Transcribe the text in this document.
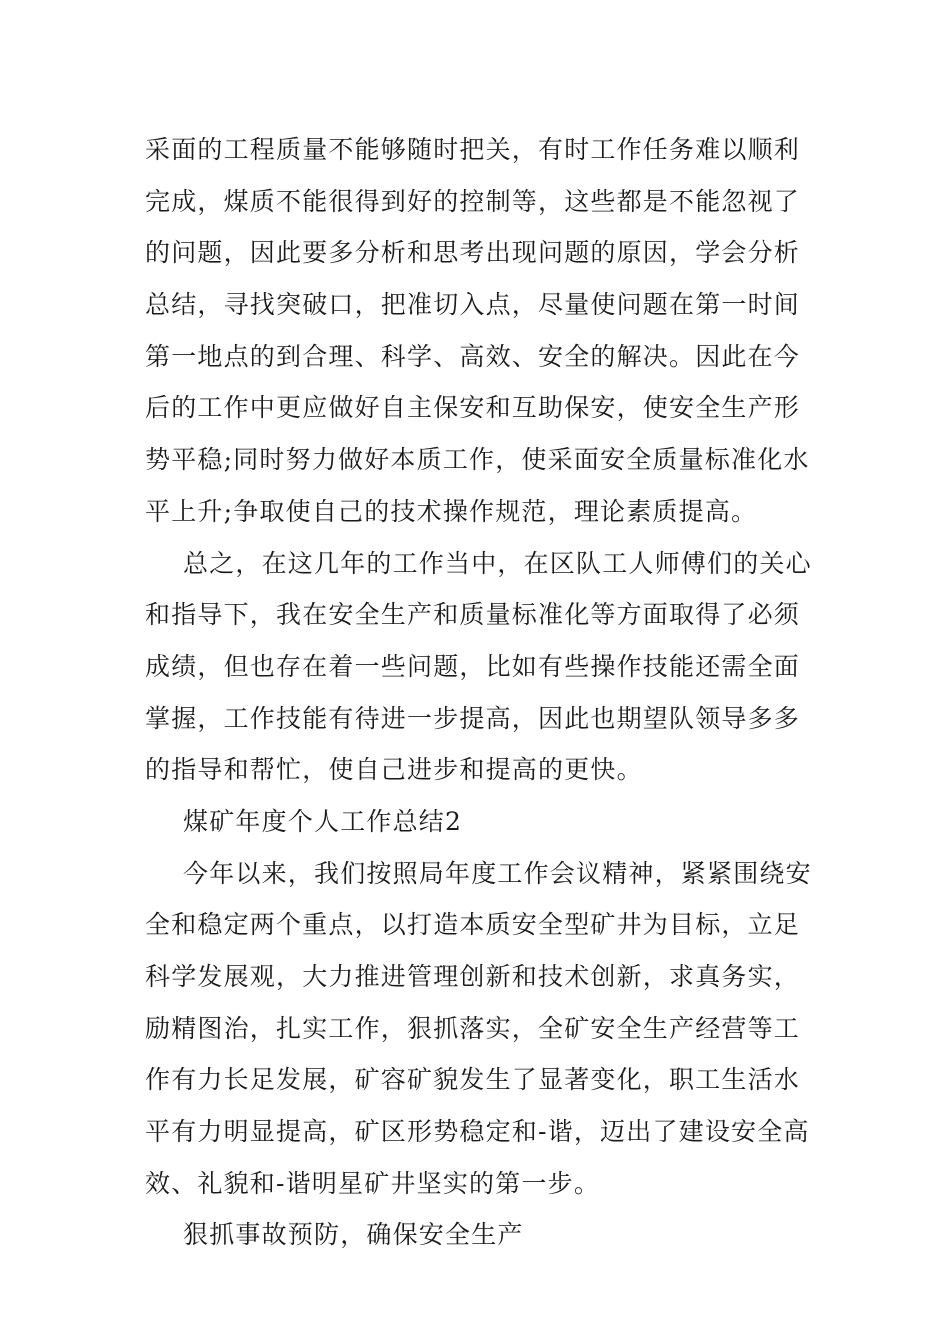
采面的工程质量不能够随时把关，有时工作任务难以顺利
完成，煤质不能很得到好的控制等，这些都是不能忽视了
的问题，因此要多分析和思考出现问题的原因，学会分析
总结，寻找突破口，把准切入点，尽量使问题在第一时间
第一地点的到合理、科学、高效、安全的解决。因此在今
后的工作中更应做好自主保安和互助保安，使安全生产形
势平稳;同时努力做好本质工作，使采面安全质量标准化水
平上升;争取使自己的技术操作规范，理论素质提高。
总之，在这几年的工作当中，在区队工人师傅们的关心
和指导下，我在安全生产和质量标准化等方面取得了必须
成绩，但也存在着一些问题，比如有些操作技能还需全面
掌握，工作技能有待进一步提高，因此也期望队领导多多
的指导和帮忙，使自己进步和提高的更快。
煤矿年度个人工作总结2
今年以来，我们按照局年度工作会议精神，紧紧围绕安
全和稳定两个重点，以打造本质安全型矿井为目标，立足
科学发展观，大力推进管理创新和技术创新，求真务实，
励精图治，扎实工作，狠抓落实，全矿安全生产经营等工
作有力长足发展，矿容矿貌发生了显著变化，职工生活水
平有力明显提高，矿区形势稳定和-谐，迈出了建设安全高
效、礼貌和-谐明星矿井坚实的第一步。
狠抓事故预防，确保安全生产
